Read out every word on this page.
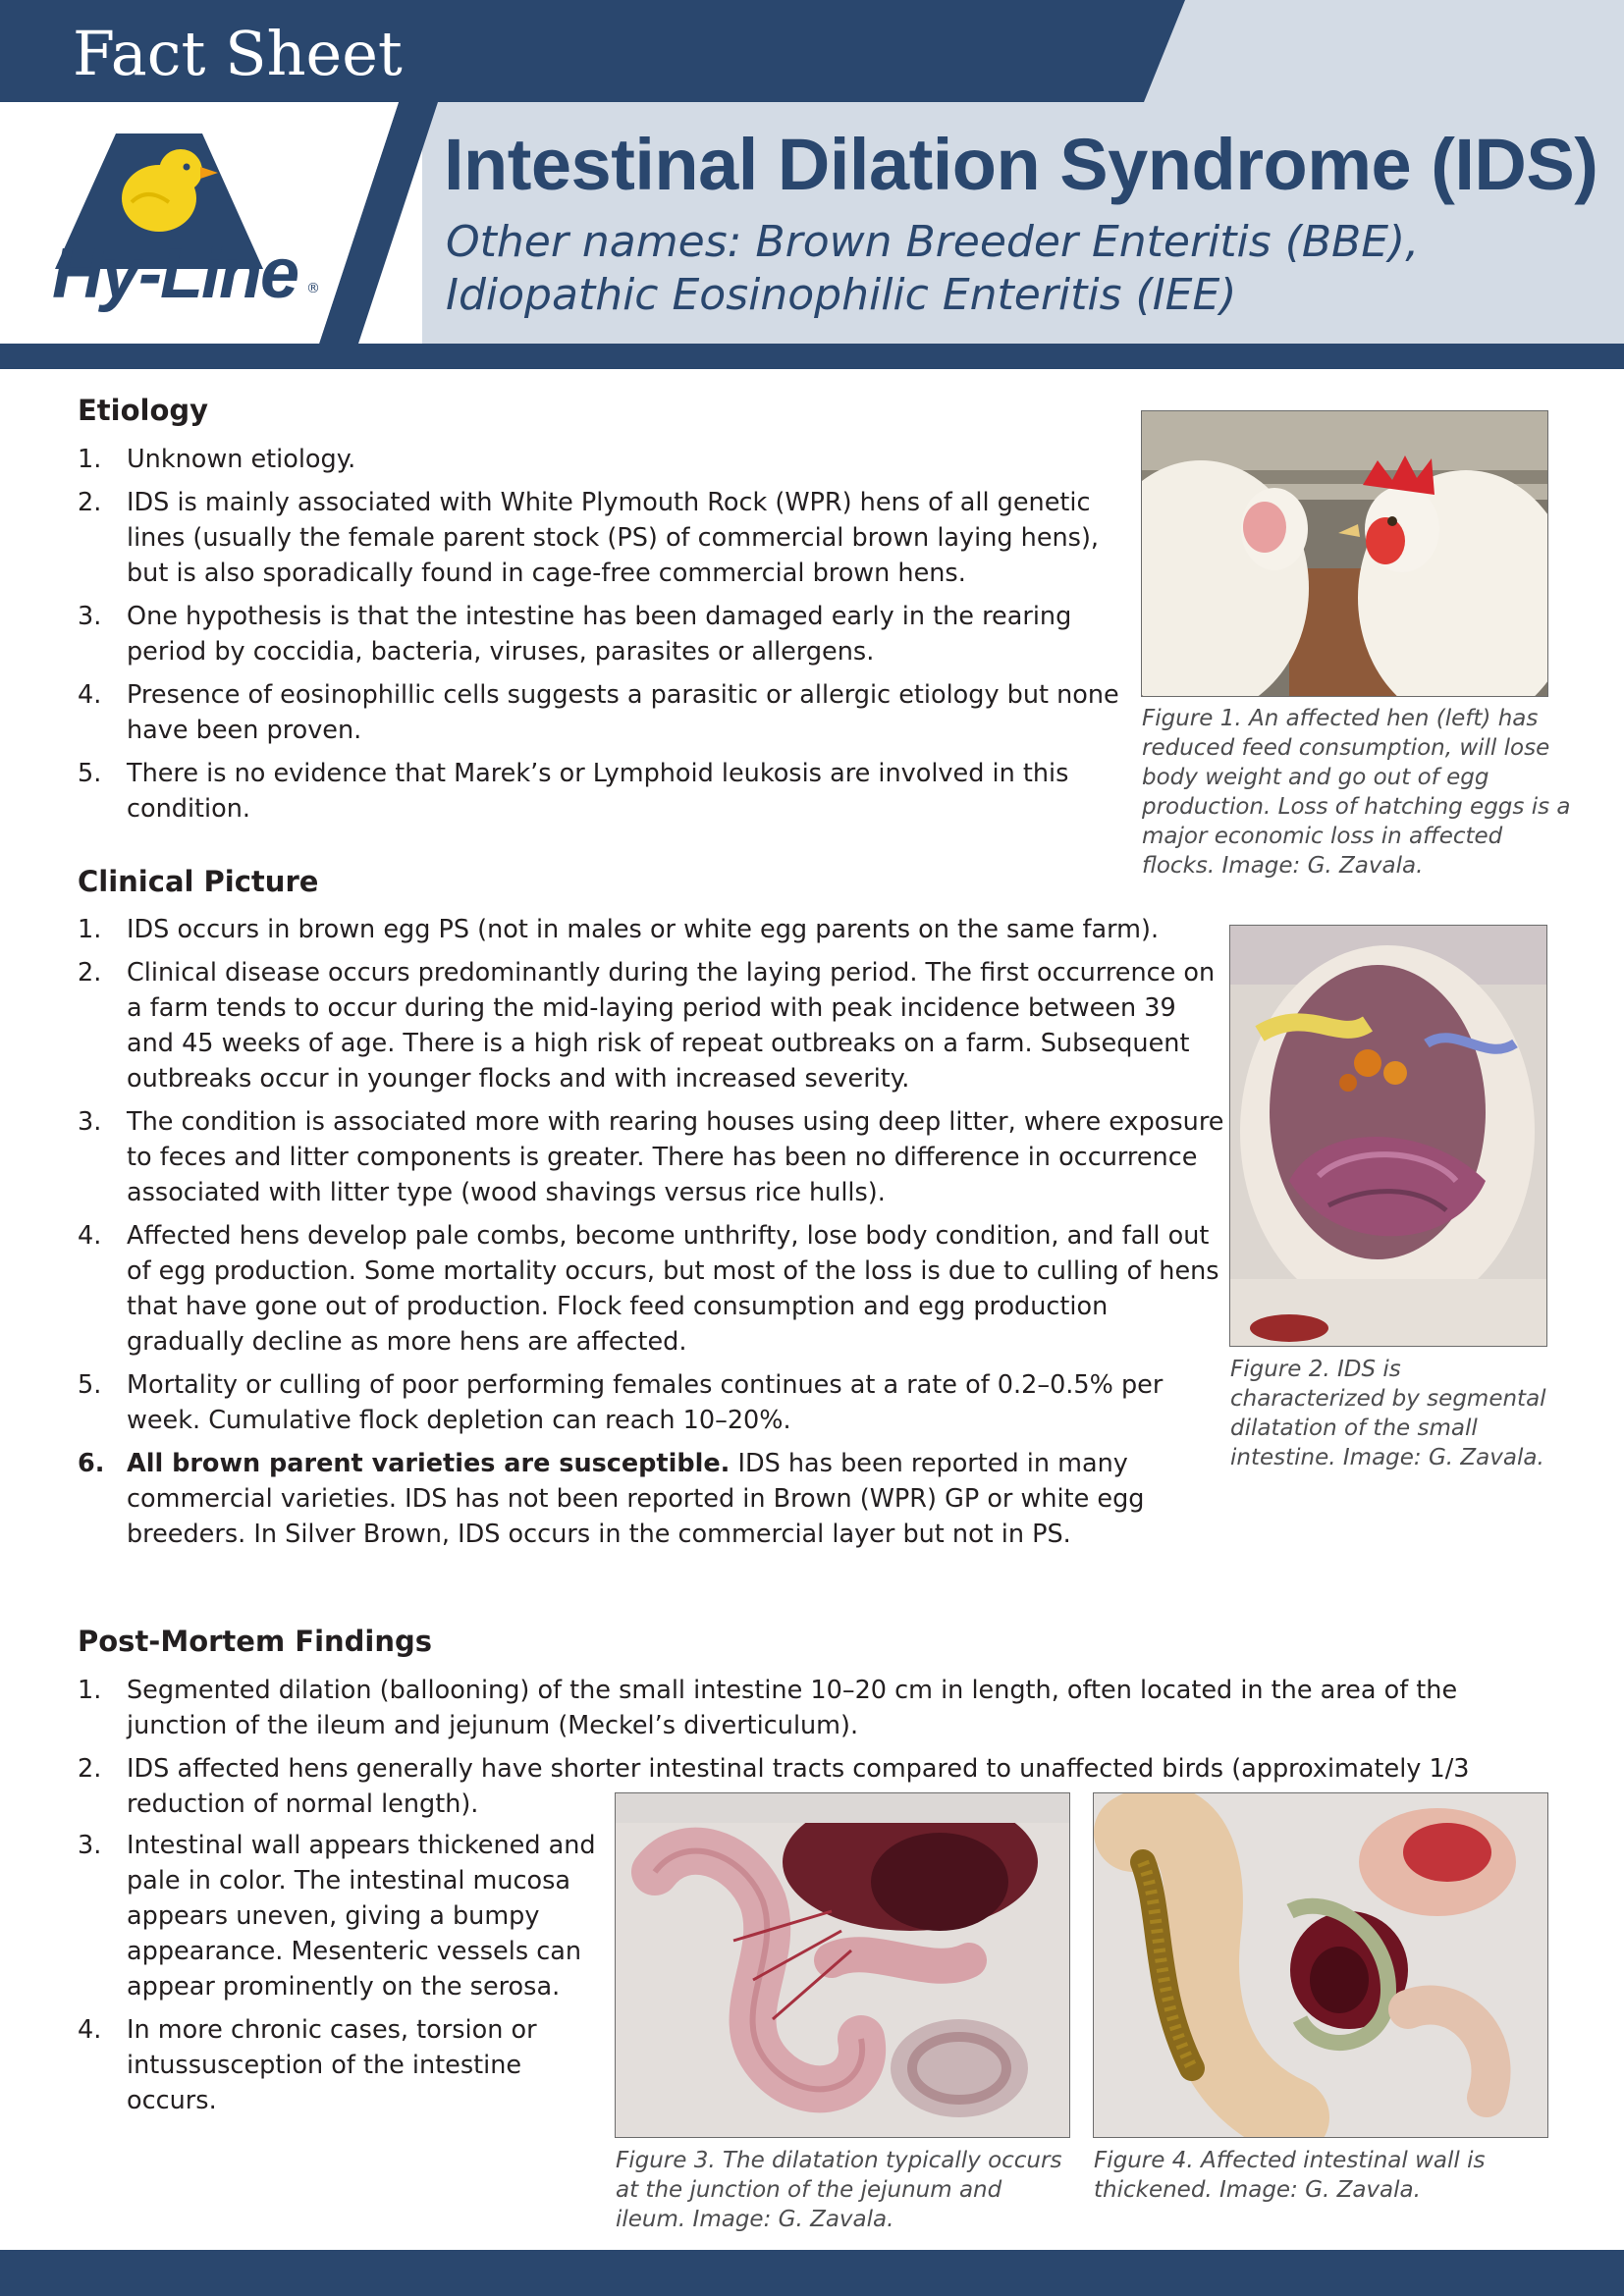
Fact Sheet
Hy-Line ®
Intestinal Dilation Syndrome (IDS)
Other names: Brown Breeder Enteritis (BBE),
Idiopathic Eosinophilic Enteritis (IEE)
Etiology
1. Unknown etiology.
2. IDS is mainly associated with White Plymouth Rock (WPR) hens of all genetic lines (usually the female parent stock (PS) of commercial brown laying hens), but is also sporadically found in cage-free commercial brown hens.
3. One hypothesis is that the intestine has been damaged early in the rearing period by coccidia, bacteria, viruses, parasites or allergens.
4. Presence of eosinophillic cells suggests a parasitic or allergic etiology but none have been proven.
5. There is no evidence that Marek’s or Lymphoid leukosis are involved in this condition.
Figure 1. An affected hen (left) has reduced feed consumption, will lose body weight and go out of egg production. Loss of hatching eggs is a major economic loss in affected flocks. Image: G. Zavala.
Clinical Picture
1. IDS occurs in brown egg PS (not in males or white egg parents on the same farm).
2. Clinical disease occurs predominantly during the laying period. The first occurrence on a farm tends to occur during the mid-laying period with peak incidence between 39 and 45 weeks of age. There is a high risk of repeat outbreaks on a farm. Subsequent outbreaks occur in younger flocks and with increased severity.
3. The condition is associated more with rearing houses using deep litter, where exposure to feces and litter components is greater. There has been no difference in occurrence associated with litter type (wood shavings versus rice hulls).
4. Affected hens develop pale combs, become unthrifty, lose body condition, and fall out of egg production. Some mortality occurs, but most of the loss is due to culling of hens that have gone out of production. Flock feed consumption and egg production gradually decline as more hens are affected.
5. Mortality or culling of poor performing females continues at a rate of 0.2–0.5% per week. Cumulative flock depletion can reach 10–20%.
6. All brown parent varieties are susceptible. IDS has been reported in many commercial varieties. IDS has not been reported in Brown (WPR) GP or white egg breeders. In Silver Brown, IDS occurs in the commercial layer but not in PS.
Figure 2. IDS is characterized by segmental dilatation of the small intestine. Image: G. Zavala.
Post-Mortem Findings
1. Segmented dilation (ballooning) of the small intestine 10–20 cm in length, often located in the area of the junction of the ileum and jejunum (Meckel’s diverticulum).
2. IDS affected hens generally have shorter intestinal tracts compared to unaffected birds (approximately 1/3 reduction of normal length).
3. Intestinal wall appears thickened and pale in color. The intestinal mucosa appears uneven, giving a bumpy appearance. Mesenteric vessels can appear prominently on the serosa.
4. In more chronic cases, torsion or intussusception of the intestine occurs.
Figure 3. The dilatation typically occurs at the junction of the jejunum and ileum. Image: G. Zavala.
Figure 4. Affected intestinal wall is thickened. Image: G. Zavala.
